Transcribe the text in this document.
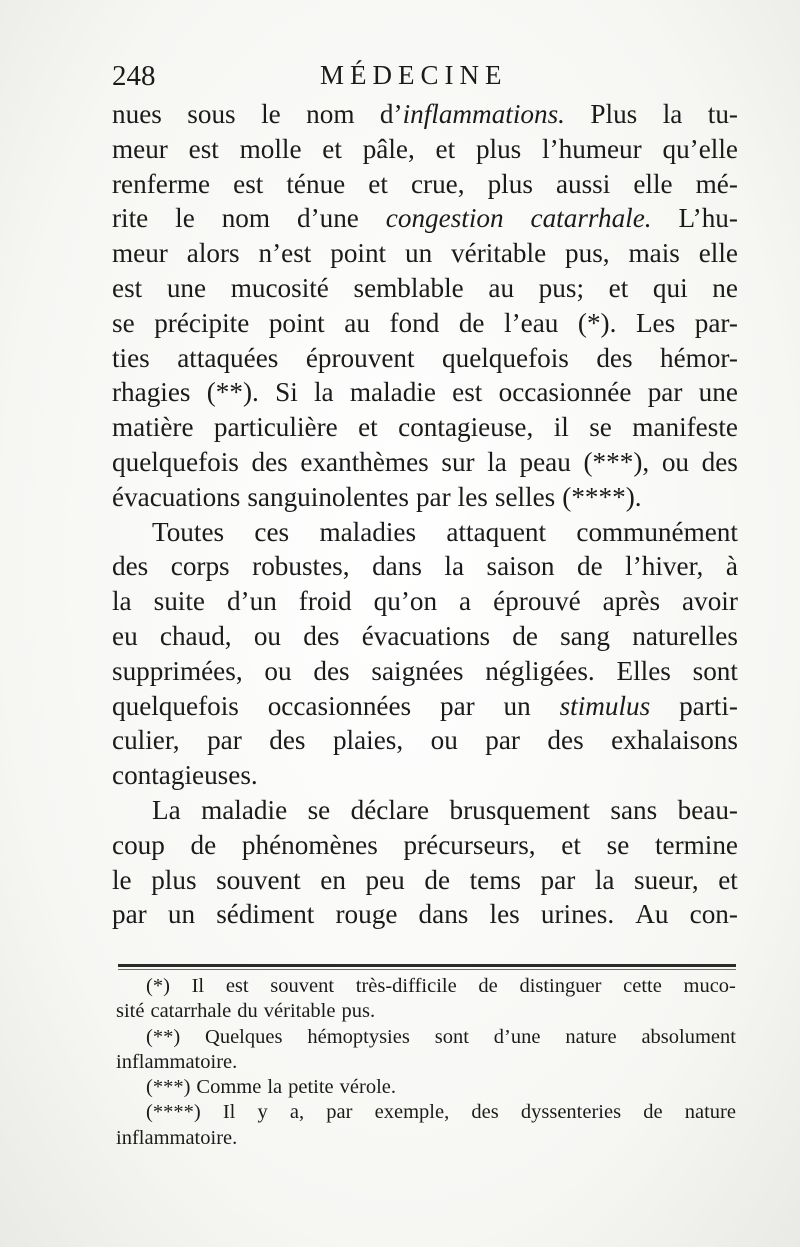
248	MÉDECINE
nues sous le nom d’inflammations. Plus la tu-
meur est molle et pâle, et plus l’humeur qu’elle
renferme est ténue et crue, plus aussi elle mé-
rite le nom d’une congestion catarrhale. L’hu-
meur alors n’est point un véritable pus, mais elle
est une mucosité semblable au pus; et qui ne
se précipite point au fond de l’eau (*). Les par-
ties attaquées éprouvent quelquefois des hémor-
rhagies (**). Si la maladie est occasionnée par une
matière particulière et contagieuse, il se manifeste
quelquefois des exanthèmes sur la peau (***), ou des
évacuations sanguinolentes par les selles (****).
Toutes ces maladies attaquent communément
des corps robustes, dans la saison de l’hiver, à
la suite d’un froid qu’on a éprouvé après avoir
eu chaud, ou des évacuations de sang naturelles
supprimées, ou des saignées négligées. Elles sont
quelquefois occasionnées par un stimulus parti-
culier, par des plaies, ou par des exhalaisons
contagieuses.
La maladie se déclare brusquement sans beau-
coup de phénomènes précurseurs, et se termine
le plus souvent en peu de tems par la sueur, et
par un sédiment rouge dans les urines. Au con-
(*) Il est souvent très-difficile de distinguer cette muco-
sité catarrhale du véritable pus.
(**) Quelques hémoptysies sont d’une nature absolument
inflammatoire.
(***) Comme la petite vérole.
(****) Il y a, par exemple, des dyssenteries de nature
inflammatoire.
